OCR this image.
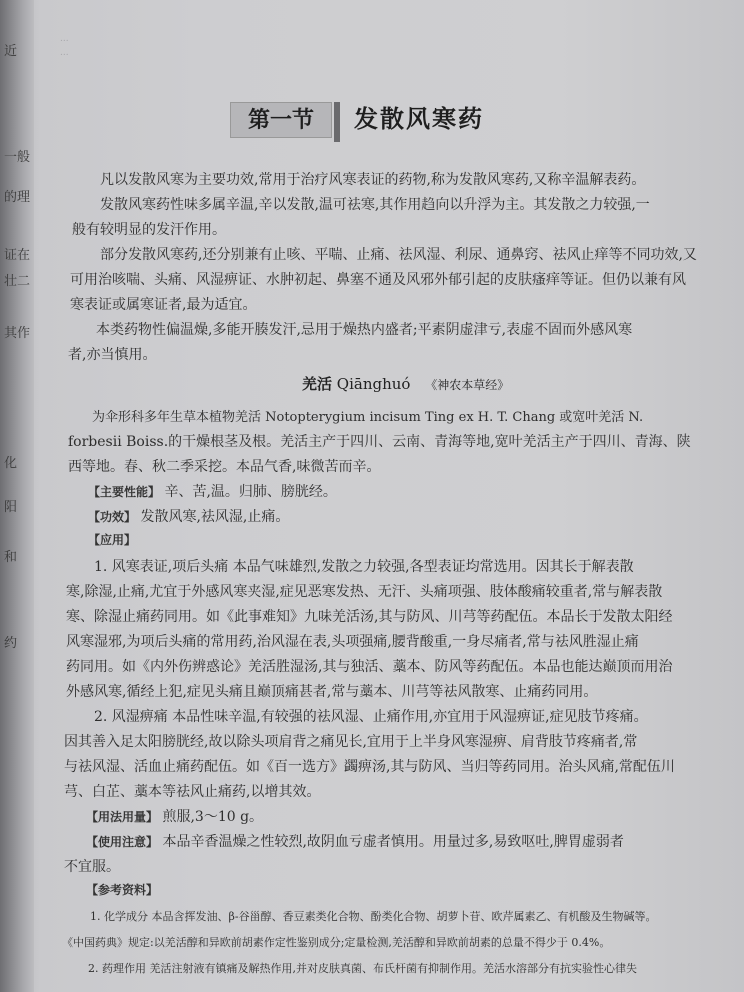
近
一般
的理
证在
壮二
其作
化
阳
和
约
...
...
第一节	发散风寒药
凡以发散风寒为主要功效,常用于治疗风寒表证的药物,称为发散风寒药,又称辛温解表药。
发散风寒药性味多属辛温,辛以发散,温可祛寒,其作用趋向以升浮为主。其发散之力较强,一
般有较明显的发汗作用。
部分发散风寒药,还分别兼有止咳、平喘、止痛、祛风湿、利尿、通鼻窍、祛风止痒等不同功效,又
可用治咳喘、头痛、风湿痹证、水肿初起、鼻塞不通及风邪外郁引起的皮肤瘙痒等证。但仍以兼有风
寒表证或属寒证者,最为适宜。
本类药物性偏温燥,多能开腠发汗,忌用于燥热内盛者;平素阴虚津亏,表虚不固而外感风寒
者,亦当慎用。
羌活 Qiānghuó 《神农本草经》
为伞形科多年生草本植物羌活 Notopterygium incisum Ting ex H. T. Chang 或宽叶羌活 N.
forbesii Boiss.的干燥根茎及根。羌活主产于四川、云南、青海等地,宽叶羌活主产于四川、青海、陕
西等地。春、秋二季采挖。本品气香,味微苦而辛。
【主要性能】 辛、苦,温。归肺、膀胱经。
【功效】 发散风寒,祛风湿,止痛。
【应用】
1. 风寒表证,项后头痛 本品气味雄烈,发散之力较强,各型表证均常选用。因其长于解表散
寒,除湿,止痛,尤宜于外感风寒夹湿,症见恶寒发热、无汗、头痛项强、肢体酸痛较重者,常与解表散
寒、除湿止痛药同用。如《此事难知》九味羌活汤,其与防风、川芎等药配伍。本品长于发散太阳经
风寒湿邪,为项后头痛的常用药,治风湿在表,头项强痛,腰背酸重,一身尽痛者,常与祛风胜湿止痛
药同用。如《内外伤辨惑论》羌活胜湿汤,其与独活、藁本、防风等药配伍。本品也能达巅顶而用治
外感风寒,循经上犯,症见头痛且巅顶痛甚者,常与藁本、川芎等祛风散寒、止痛药同用。
2. 风湿痹痛 本品性味辛温,有较强的祛风湿、止痛作用,亦宜用于风湿痹证,症见肢节疼痛。
因其善入足太阳膀胱经,故以除头项肩背之痛见长,宜用于上半身风寒湿痹、肩背肢节疼痛者,常
与祛风湿、活血止痛药配伍。如《百一选方》蠲痹汤,其与防风、当归等药同用。治头风痛,常配伍川
芎、白芷、藁本等祛风止痛药,以增其效。
【用法用量】 煎服,3～10 g。
【使用注意】 本品辛香温燥之性较烈,故阴血亏虚者慎用。用量过多,易致呕吐,脾胃虚弱者
不宜服。
【参考资料】
1. 化学成分 本品含挥发油、β-谷甾醇、香豆素类化合物、酚类化合物、胡萝卜苷、欧芹属素乙、有机酸及生物碱等。
《中国药典》规定:以羌活醇和异欧前胡素作定性鉴别成分;定量检测,羌活醇和异欧前胡素的总量不得少于 0.4%。
2. 药理作用 羌活注射液有镇痛及解热作用,并对皮肤真菌、布氏杆菌有抑制作用。羌活水溶部分有抗实验性心律失
